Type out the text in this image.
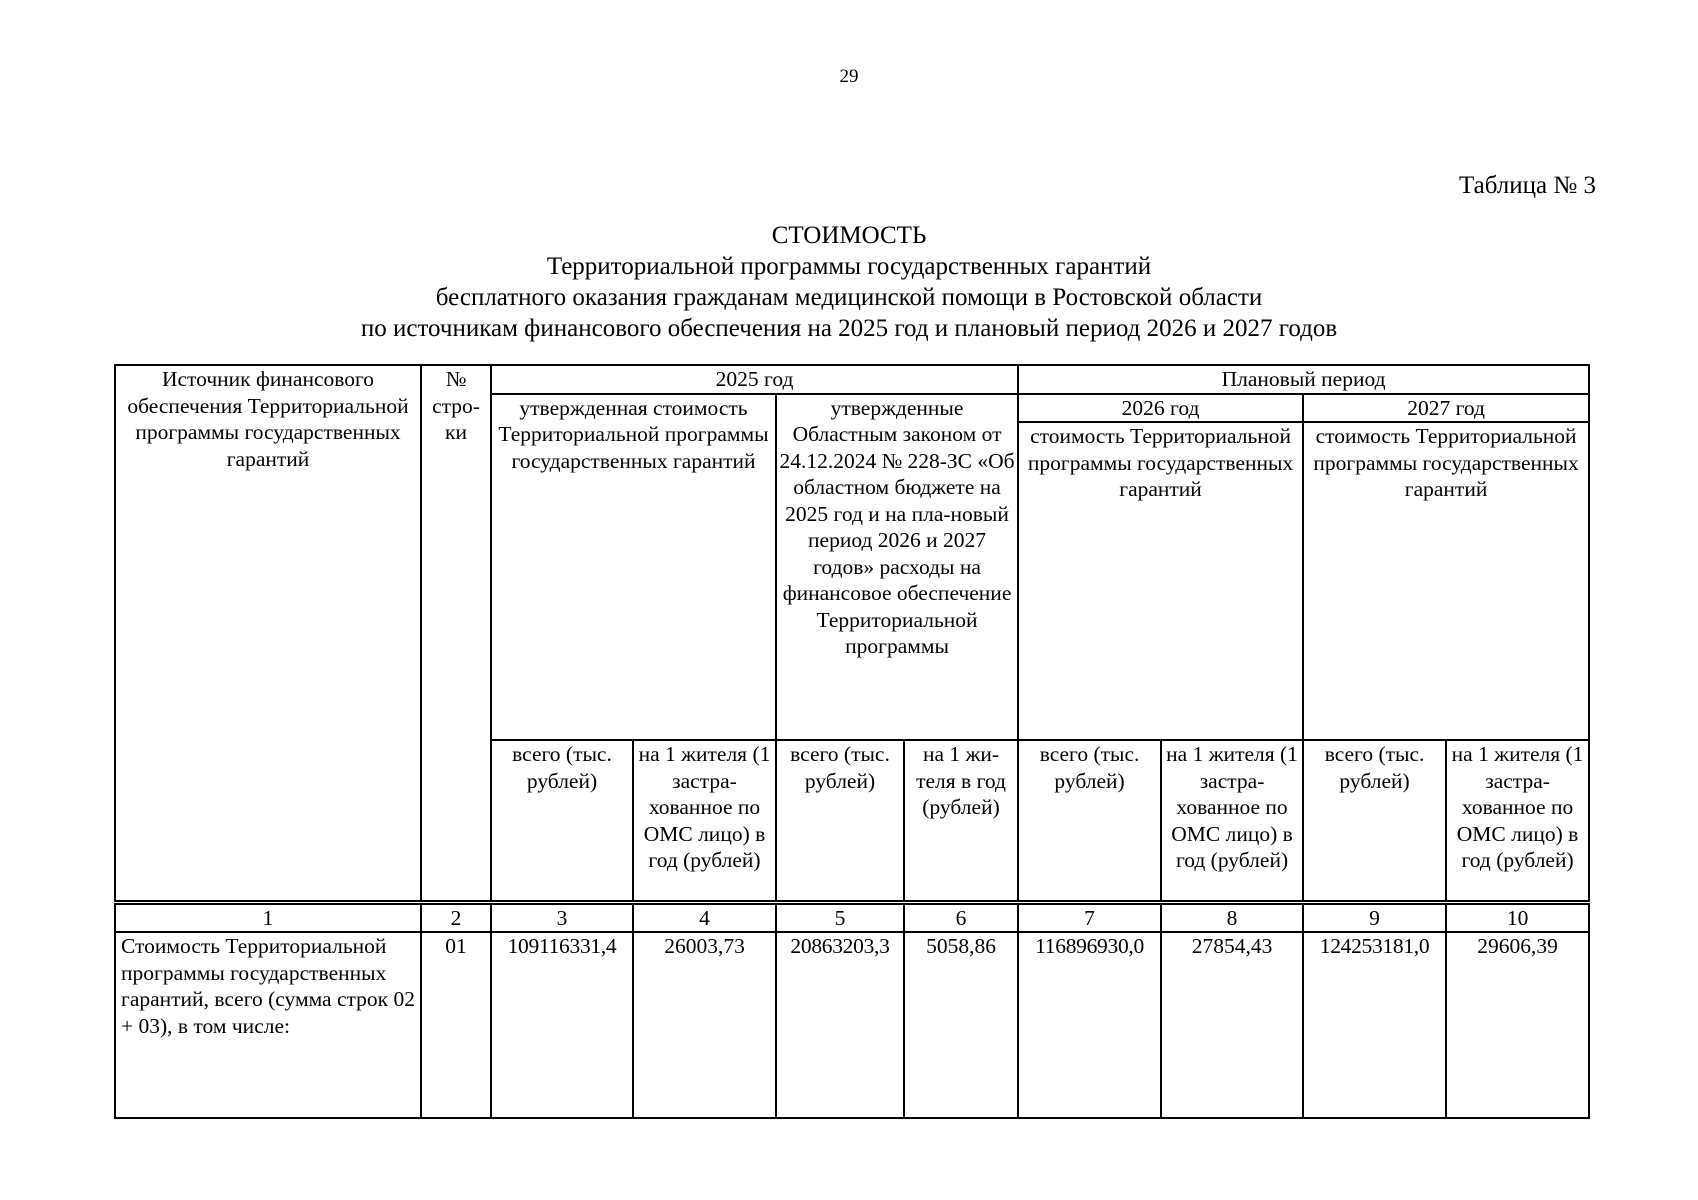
29
Таблица № 3
СТОИМОСТЬ
Территориальной программы государственных гарантий
бесплатного оказания гражданам медицинской помощи в Ростовской области
по источникам финансового обеспечения на 2025 год и плановый период 2026 и 2027 годов
Источник финансового обеспечения Территориальной программы государственных гарантий	№ стро-ки	2025 год				Плановый период			
		утвержденная стоимость Территориальной программы государственных гарантий		утвержденные Областным законом от 24.12.2024 № 228-ЗС «Об областном бюджете на 2025 год и на пла-новый период 2026 и 2027 годов» расходы на финансовое обеспечение Территориальной программы		2026 год		2027 год	
						стоимость Территориальной программы государственных гарантий		стоимость Территориальной программы государственных гарантий	
		всего (тыс. рублей)	на 1 жителя (1 застра-хованное по ОМС лицо) в год (рублей)	всего (тыс. рублей)	на 1 жи-теля в год (рублей)	всего (тыс. рублей)	на 1 жителя (1 застра-хованное по ОМС лицо) в год (рублей)	всего (тыс. рублей)	на 1 жителя (1 застра-хованное по ОМС лицо) в год (рублей)
1	2	3	4	5	6	7	8	9	10
Стоимость Территориальной программы государственных гарантий, всего (сумма строк 02 + 03), в том числе:	01	109116331,4	26003,73	20863203,3	5058,86	116896930,0	27854,43	124253181,0	29606,39
